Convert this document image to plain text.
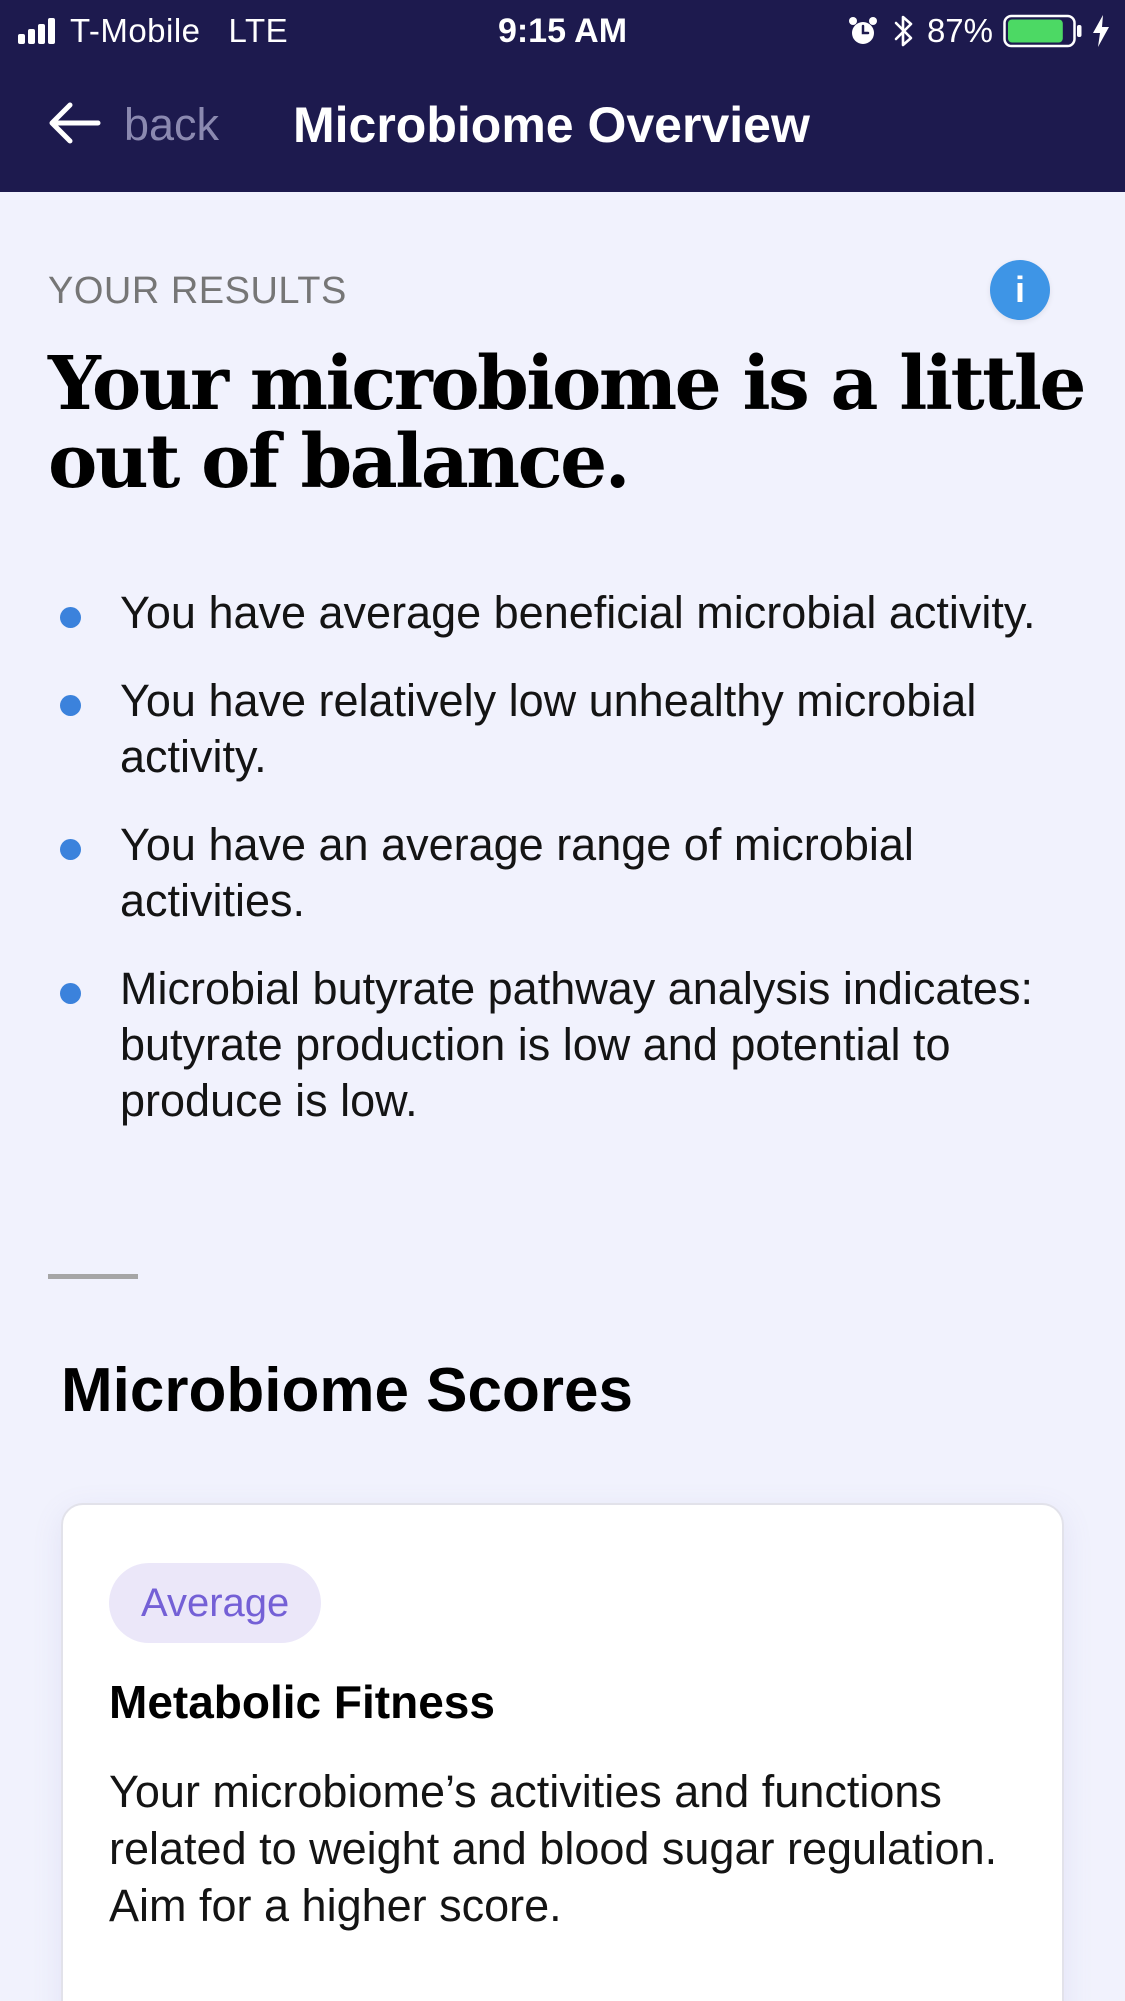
T-Mobile LTE	9:15 AM	87%
back Microbiome Overview
YOUR RESULTS	i
Your microbiome is a little out of balance.
You have average beneficial microbial activity.
You have relatively low unhealthy microbial activity.
You have an average range of microbial activities.
Microbial butyrate pathway analysis indicates: butyrate production is low and potential to produce is low.
Microbiome Scores
Average
Metabolic Fitness
Your microbiome’s activities and functions related to weight and blood sugar regulation. Aim for a higher score.
